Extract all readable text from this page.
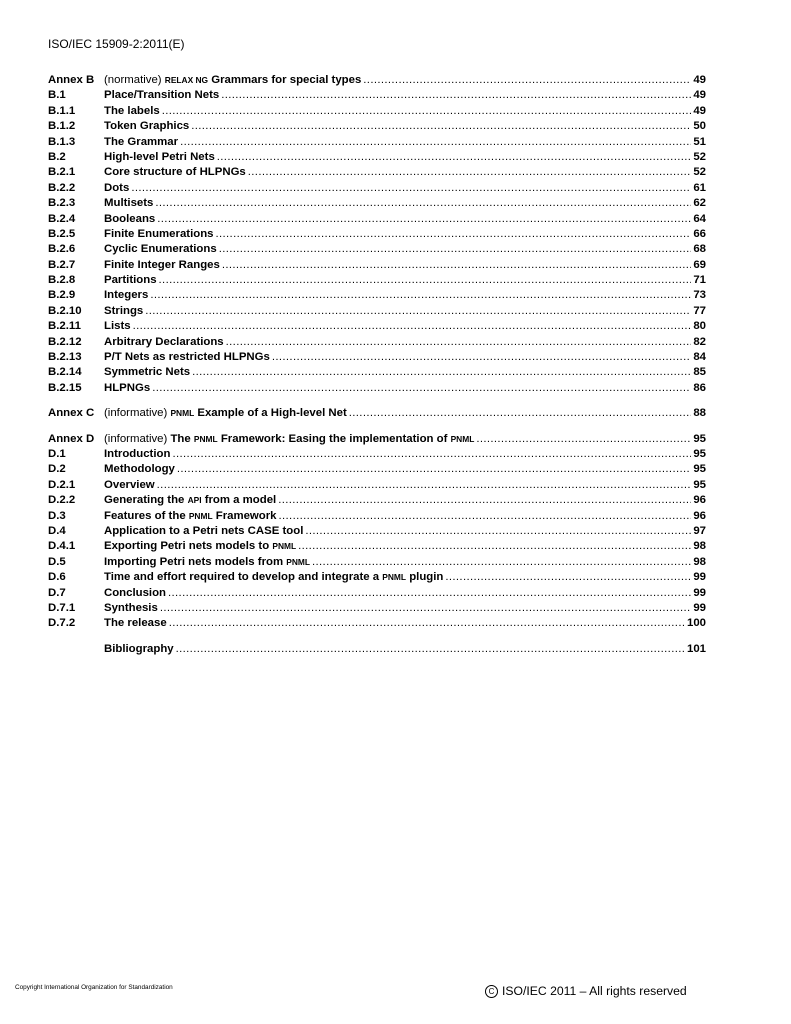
ISO/IEC 15909-2:2011(E)
Annex B (normative) RELAX NG Grammars for special types .....	49
B.1	Place/Transition Nets .....	49
B.1.1	The labels .....	49
B.1.2	Token Graphics .....	50
B.1.3	The Grammar .....	51
B.2	High-level Petri Nets .....	52
B.2.1	Core structure of HLPNGs .....	52
B.2.2	Dots .....	61
B.2.3	Multisets .....	62
B.2.4	Booleans .....	64
B.2.5	Finite Enumerations .....	66
B.2.6	Cyclic Enumerations .....	68
B.2.7	Finite Integer Ranges .....	69
B.2.8	Partitions .....	71
B.2.9	Integers .....	73
B.2.10	Strings .....	77
B.2.11	Lists .....	80
B.2.12	Arbitrary Declarations .....	82
B.2.13	P/T Nets as restricted HLPNGs .....	84
B.2.14	Symmetric Nets .....	85
B.2.15	HLPNGs .....	86
Annex C (informative) PNML Example of a High-level Net .....	88
Annex D (informative) The PNML Framework: Easing the implementation of PNML .....	95
D.1	Introduction .....	95
D.2	Methodology .....	95
D.2.1	Overview .....	95
D.2.2	Generating the API from a model .....	96
D.3	Features of the PNML Framework .....	96
D.4	Application to a Petri nets CASE tool .....	97
D.4.1	Exporting Petri nets models to PNML .....	98
D.5	Importing Petri nets models from PNML .....	98
D.6	Time and effort required to develop and integrate a PNML plugin .....	99
D.7	Conclusion .....	99
D.7.1	Synthesis .....	99
D.7.2	The release .....	100
Bibliography .....	101
Copyright International Organization for Standardization	C ISO/IEC 2011 – All rights reserved
